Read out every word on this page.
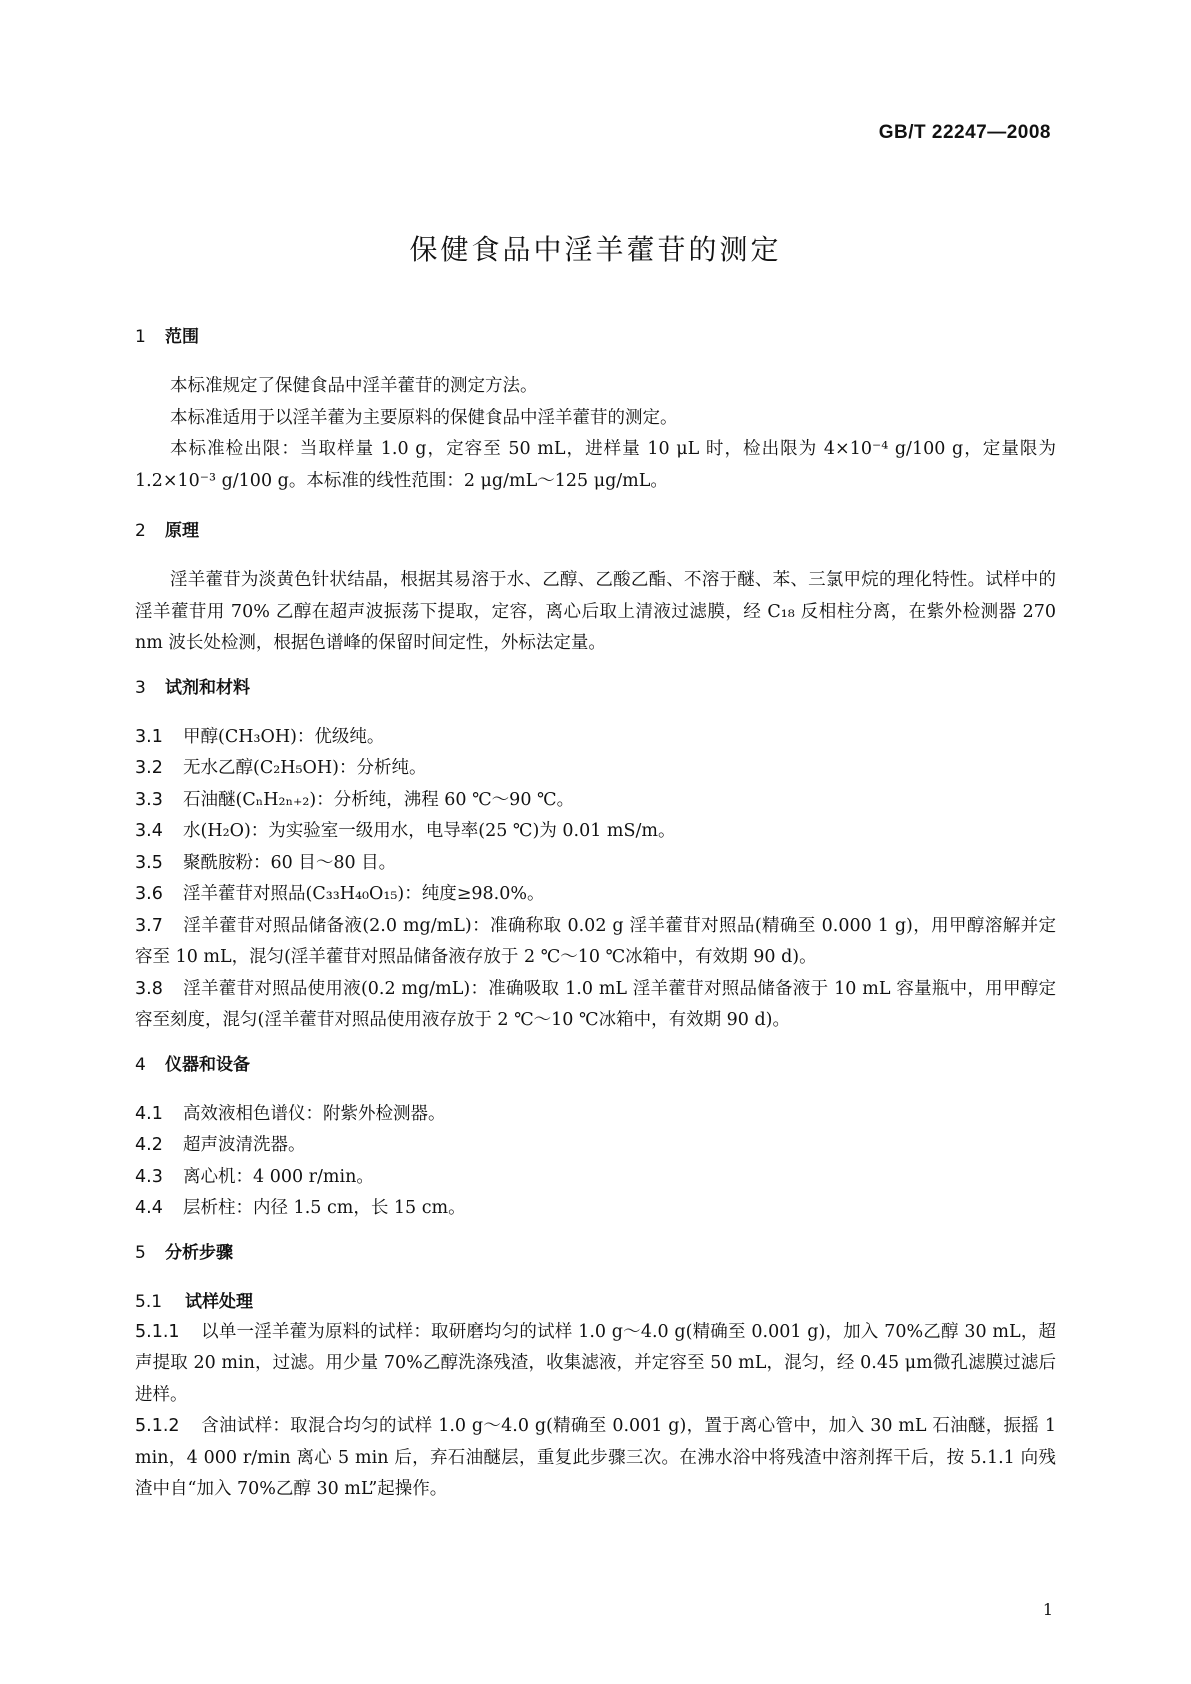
GB/T 22247—2008
保健食品中淫羊藿苷的测定
1 范围

本标准规定了保健食品中淫羊藿苷的测定方法。

本标准适用于以淫羊藿为主要原料的保健食品中淫羊藿苷的测定。

本标准检出限：当取样量 1.0 g，定容至 50 mL，进样量 10 μL 时，检出限为 4×10⁻⁴ g/100 g，定量限为 1.2×10⁻³ g/100 g。本标准的线性范围：2 μg/mL～125 μg/mL。

2 原理

淫羊藿苷为淡黄色针状结晶，根据其易溶于水、乙醇、乙酸乙酯、不溶于醚、苯、三氯甲烷的理化特性。试样中的淫羊藿苷用 70% 乙醇在超声波振荡下提取，定容，离心后取上清液过滤膜，经 C₁₈ 反相柱分离，在紫外检测器 270 nm 波长处检测，根据色谱峰的保留时间定性，外标法定量。

3 试剂和材料

3.1 甲醇(CH₃OH)：优级纯。

3.2 无水乙醇(C₂H₅OH)：分析纯。

3.3 石油醚(CₙH₂ₙ₊₂)：分析纯，沸程 60 ℃～90 ℃。

3.4 水(H₂O)：为实验室一级用水，电导率(25 ℃)为 0.01 mS/m。

3.5 聚酰胺粉：60 目～80 目。

3.6 淫羊藿苷对照品(C₃₃H₄₀O₁₅)：纯度≥98.0%。

3.7 淫羊藿苷对照品储备液(2.0 mg/mL)：准确称取 0.02 g 淫羊藿苷对照品(精确至 0.000 1 g)，用甲醇溶解并定容至 10 mL，混匀(淫羊藿苷对照品储备液存放于 2 ℃～10 ℃冰箱中，有效期 90 d)。

3.8 淫羊藿苷对照品使用液(0.2 mg/mL)：准确吸取 1.0 mL 淫羊藿苷对照品储备液于 10 mL 容量瓶中，用甲醇定容至刻度，混匀(淫羊藿苷对照品使用液存放于 2 ℃～10 ℃冰箱中，有效期 90 d)。

4 仪器和设备

4.1 高效液相色谱仪：附紫外检测器。

4.2 超声波清洗器。

4.3 离心机：4 000 r/min。

4.4 层析柱：内径 1.5 cm，长 15 cm。

5 分析步骤
5.1 试样处理

5.1.1 以单一淫羊藿为原料的试样：取研磨均匀的试样 1.0 g～4.0 g(精确至 0.001 g)，加入 70%乙醇 30 mL，超声提取 20 min，过滤。用少量 70%乙醇洗涤残渣，收集滤液，并定容至 50 mL，混匀，经 0.45 μm微孔滤膜过滤后进样。

5.1.2 含油试样：取混合均匀的试样 1.0 g～4.0 g(精确至 0.001 g)，置于离心管中，加入 30 mL 石油醚，振摇 1 min，4 000 r/min 离心 5 min 后，弃石油醚层，重复此步骤三次。在沸水浴中将残渣中溶剂挥干后，按 5.1.1 向残渣中自“加入 70%乙醇 30 mL”起操作。

1
